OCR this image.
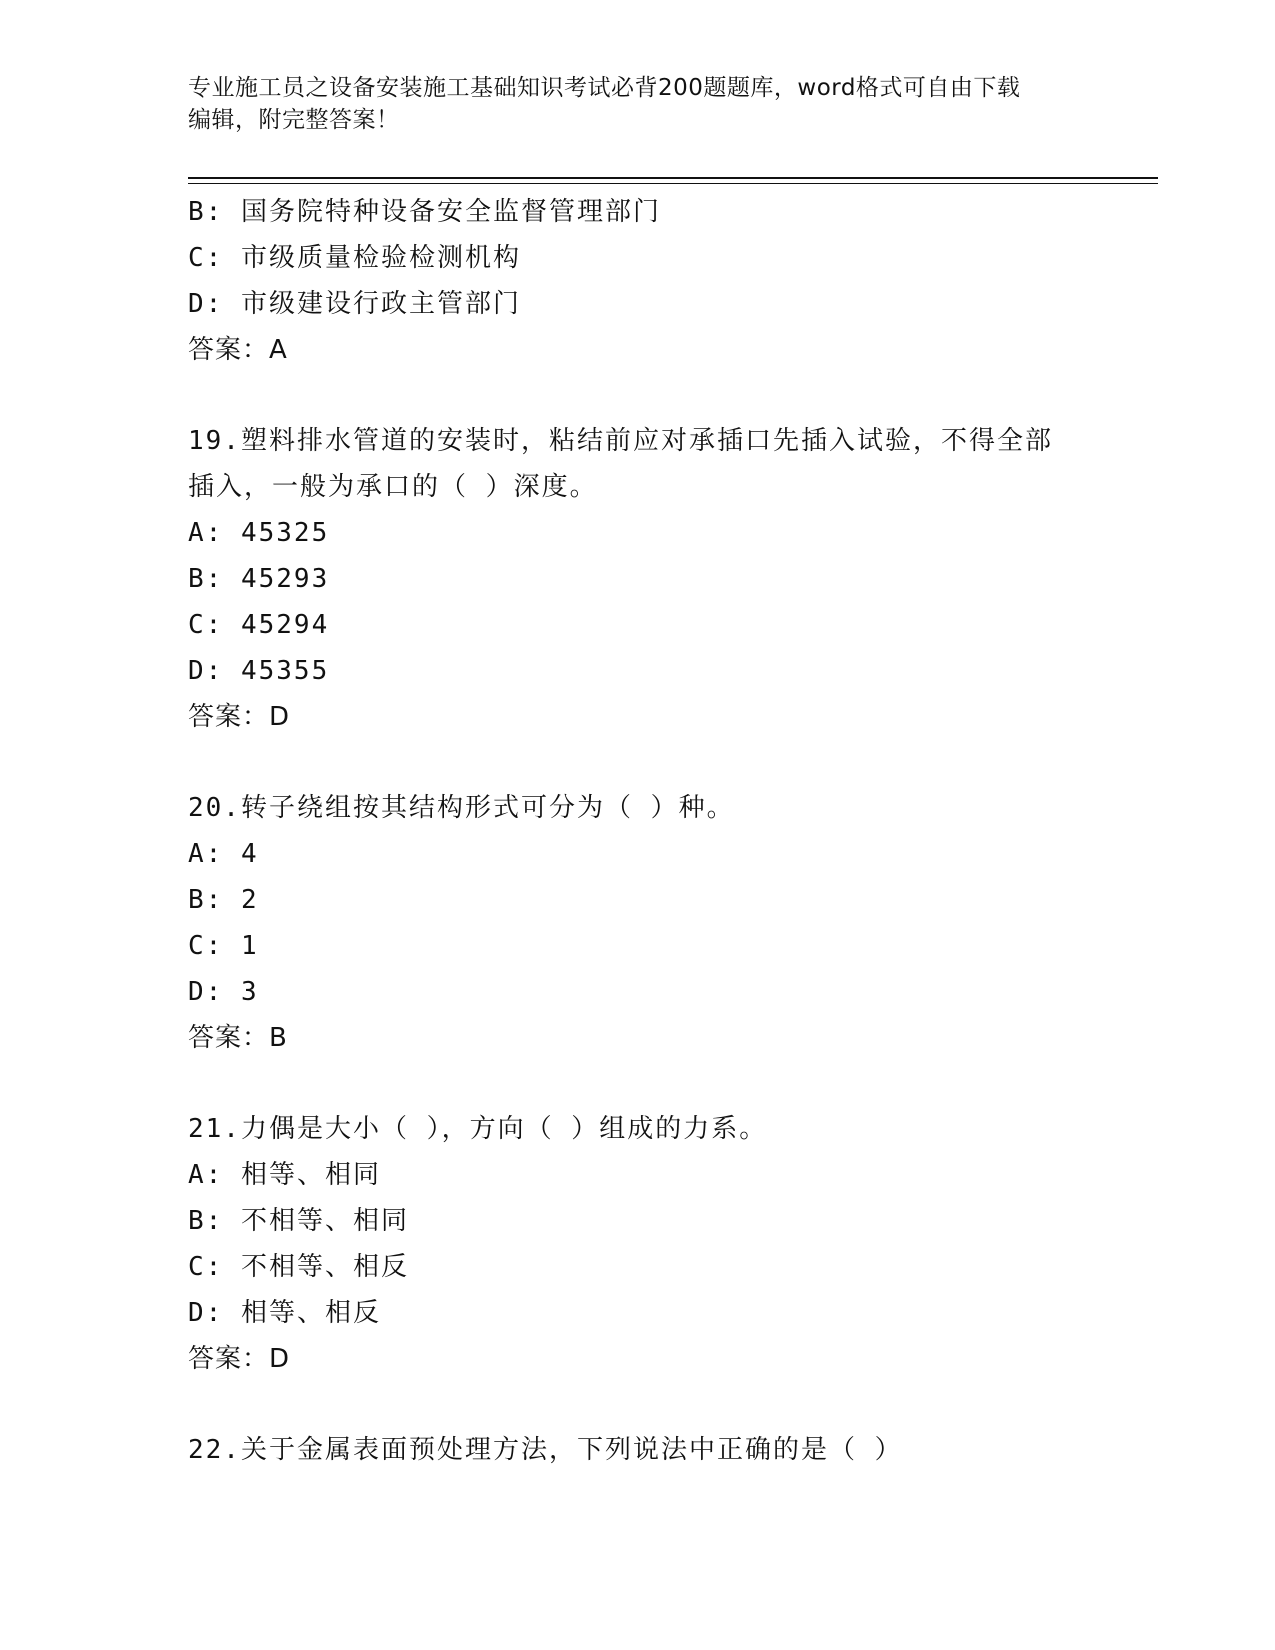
专业施工员之设备安装施工基础知识考试必背200题题库，word格式可自由下载
编辑，附完整答案！
B: 国务院特种设备安全监督管理部门
C: 市级质量检验检测机构
D: 市级建设行政主管部门
答案：A
19.塑料排水管道的安装时，粘结前应对承插口先插入试验，不得全部
插入，一般为承口的（ ）深度。
A: 45325
B: 45293
C: 45294
D: 45355
答案：D
20.转子绕组按其结构形式可分为（ ）种。
A: 4
B: 2
C: 1
D: 3
答案：B
21.力偶是大小（ ），方向（ ）组成的力系。
A: 相等、相同
B: 不相等、相同
C: 不相等、相反
D: 相等、相反
答案：D
22.关于金属表面预处理方法，下列说法中正确的是（ ）
